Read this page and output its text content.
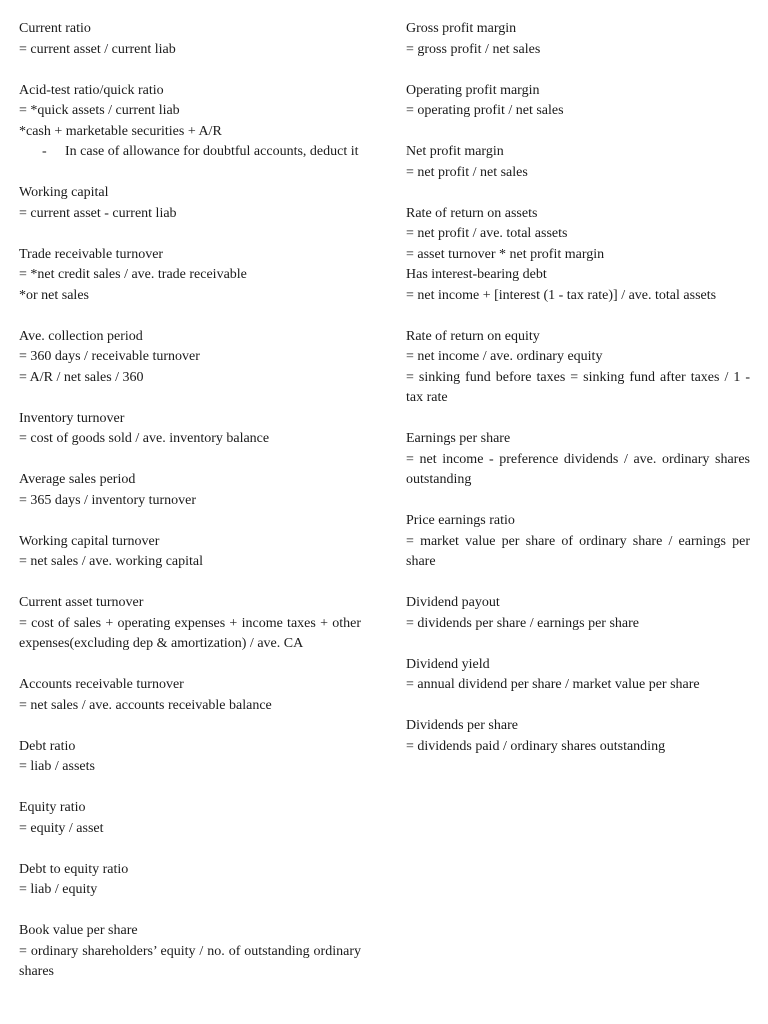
Current ratio
= current asset / current liab
Acid-test ratio/quick ratio
= *quick assets / current liab
*cash + marketable securities + A/R
-	In case of allowance for doubtful accounts, deduct it
Working capital
= current asset - current liab
Trade receivable turnover
= *net credit sales / ave. trade receivable
*or net sales
Ave. collection period
= 360 days / receivable turnover
= A/R / net sales / 360
Inventory turnover
= cost of goods sold / ave. inventory balance
Average sales period
= 365 days / inventory turnover
Working capital turnover
= net sales / ave. working capital
Current asset turnover
= cost of sales + operating expenses + income taxes + other expenses(excluding dep & amortization) / ave. CA
Accounts receivable turnover
= net sales / ave. accounts receivable balance
Debt ratio
= liab / assets
Equity ratio
= equity / asset
Debt to equity ratio
= liab / equity
Book value per share
= ordinary shareholders’ equity / no. of outstanding ordinary shares
Gross profit margin
= gross profit / net sales
Operating profit margin
= operating profit / net sales
Net profit margin
= net profit / net sales
Rate of return on assets
= net profit / ave. total assets
= asset turnover * net profit margin
Has interest-bearing debt
= net income + [interest (1 - tax rate)] / ave. total assets
Rate of return on equity
= net income / ave. ordinary equity
= sinking fund before taxes = sinking fund after taxes / 1 - tax rate
Earnings per share
= net income - preference dividends / ave. ordinary shares outstanding
Price earnings ratio
= market value per share of ordinary share / earnings per share
Dividend payout
= dividends per share / earnings per share
Dividend yield
= annual dividend per share / market value per share
Dividends per share
= dividends paid / ordinary shares outstanding
